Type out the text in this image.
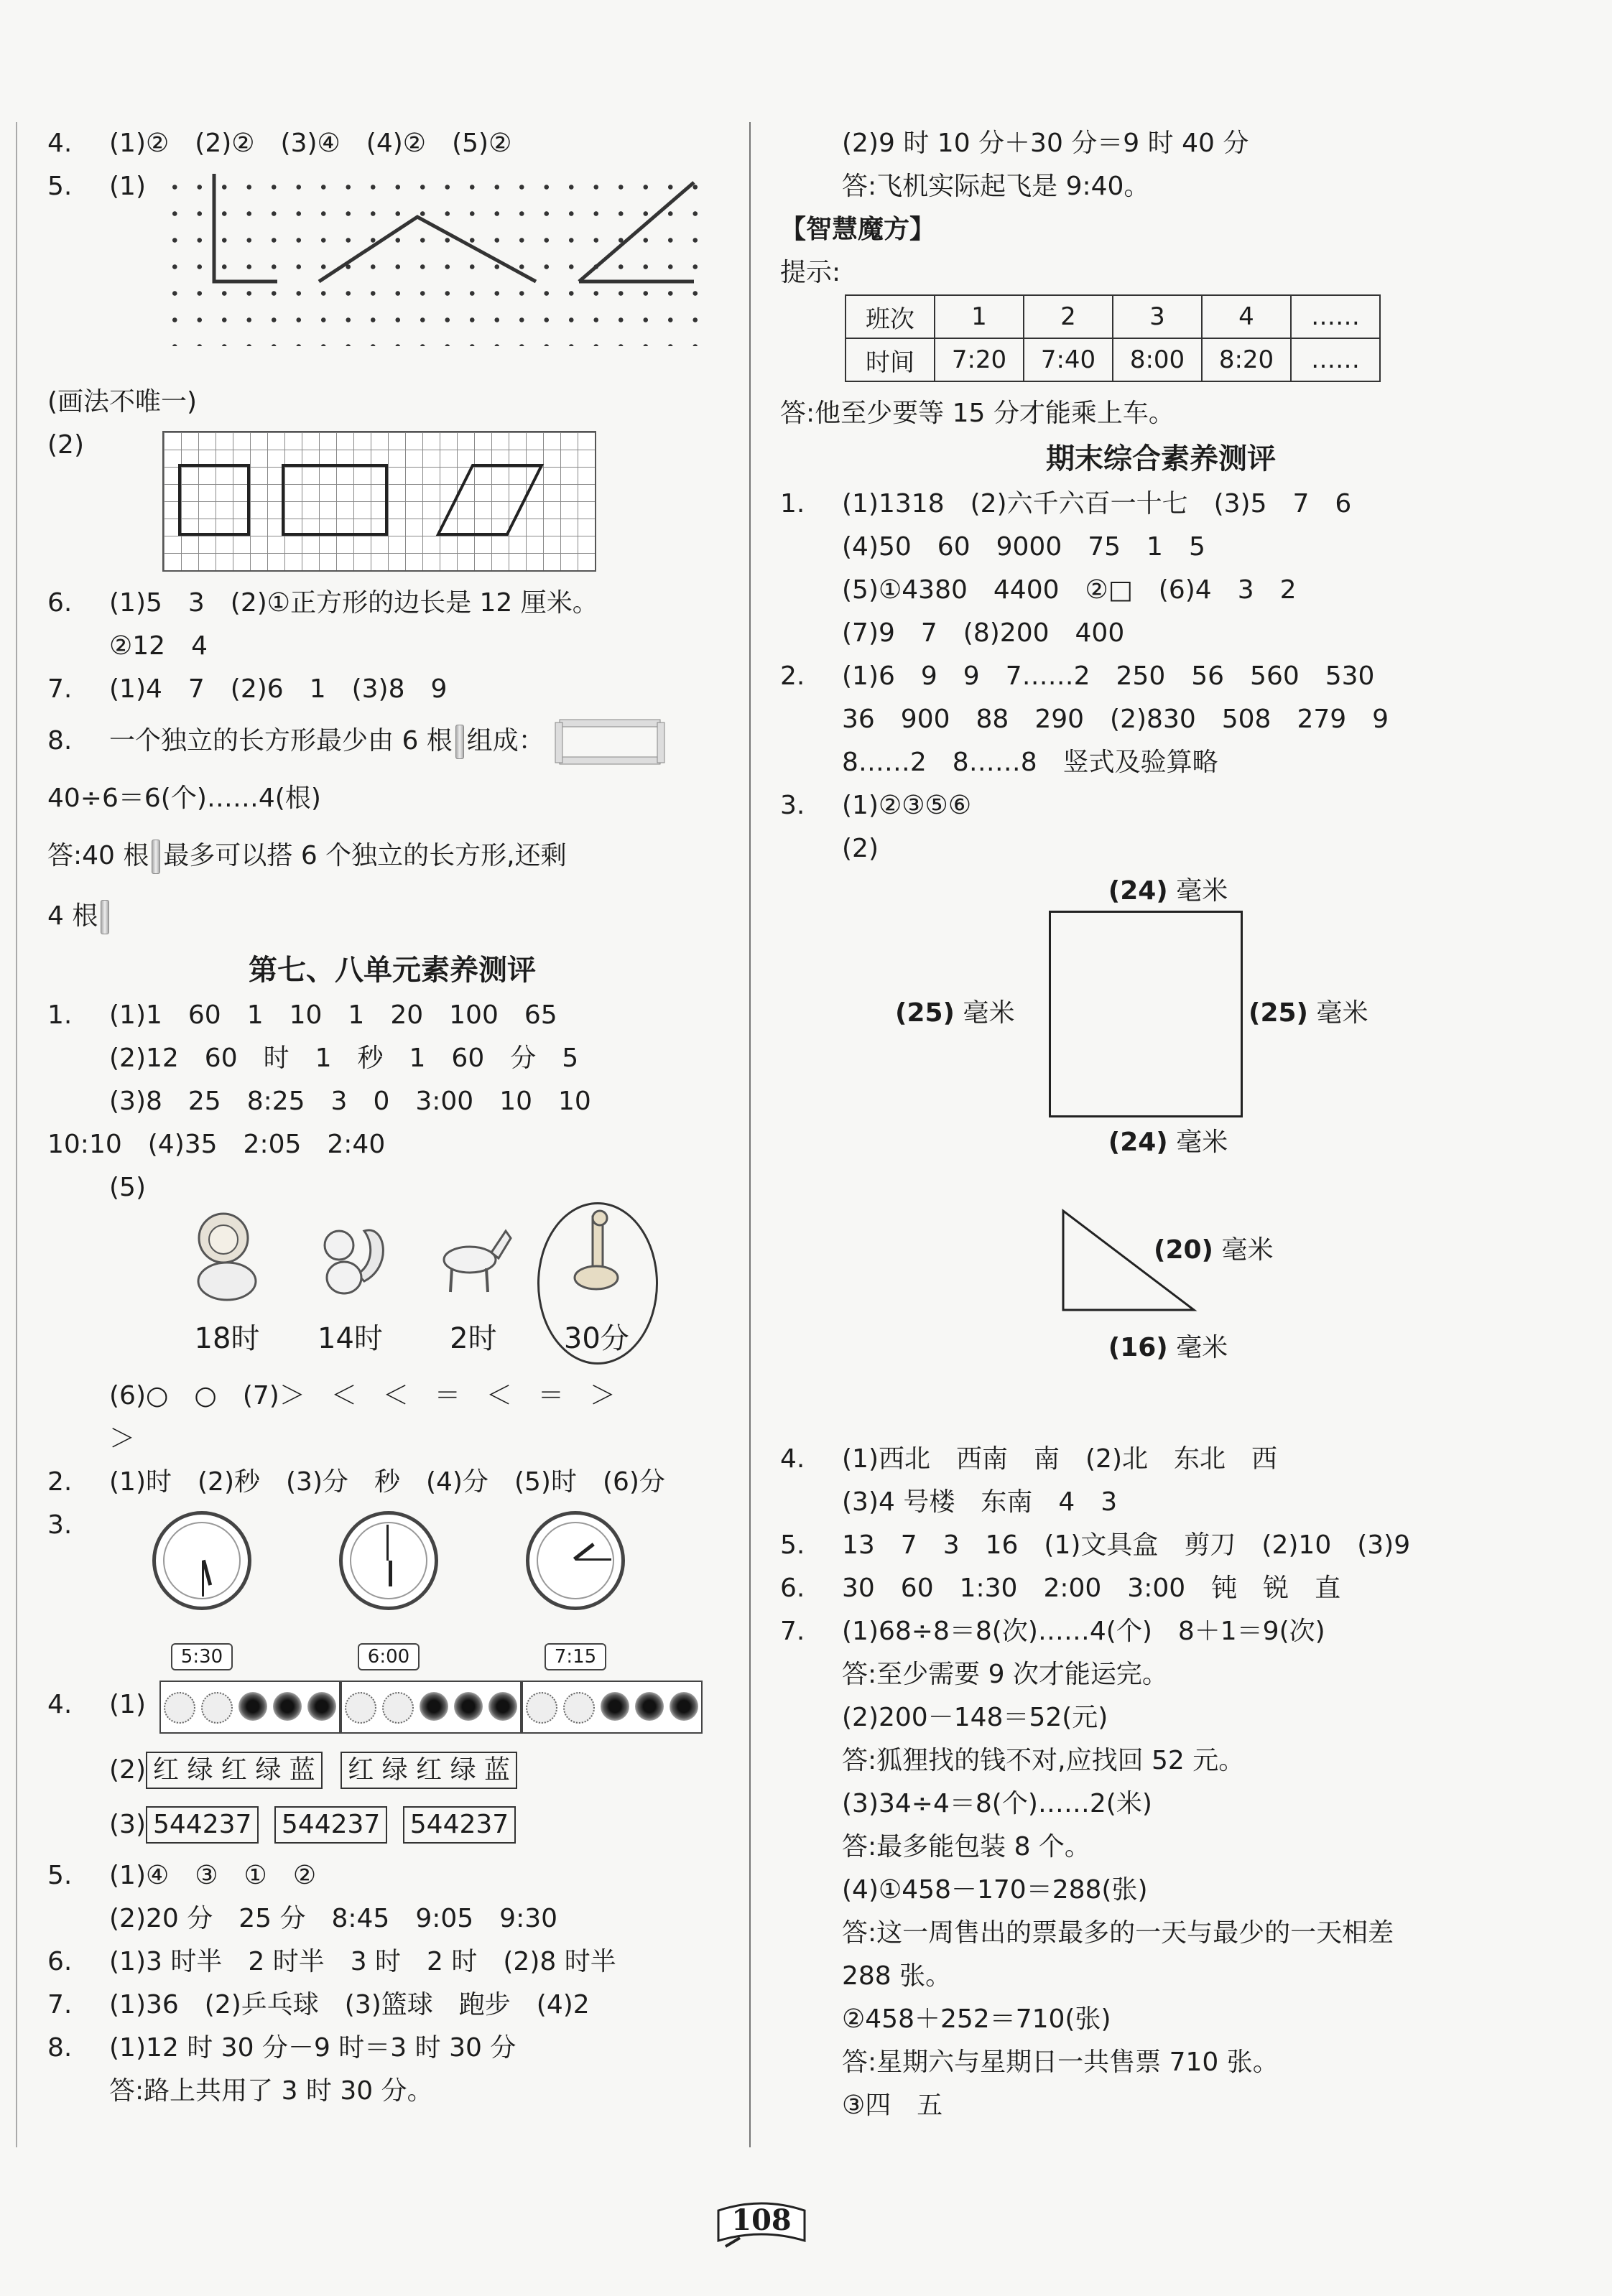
4. (1)②　(2)②　(3)④　(4)②　(5)②
5. (1)
(画法不唯一)
(2)
6. (1)5　3　(2)①正方形的边长是 12 厘米。
②12　4
7. (1)4　7　(2)6　1　(3)8　9
8. 一个独立的长方形最少由 6 根 组成：
40÷6＝6(个)……4(根)
答:40 根 最多可以搭 6 个独立的长方形,还剩
4 根
第七、八单元素养测评
1. (1)1　60　1　10　1　20　100　65
(2)12　60　时　1　秒　1　60　分　5
(3)8　25　8:25　3　0　3:00　10　10
10:10　(4)35　2:05　2:40
(5)
18时
	14时
	2时
	30分
(6)○　○　(7)＞　＜　＜　＝　＜　＝　＞
＞
2. (1)时　(2)秒　(3)分　秒　(4)分　(5)时　(6)分
3.
5:30	6:00	7:15
4. (1)
(2) 红 绿 红 绿 蓝 红 绿 红 绿 蓝
(3) 544237 544237 544237
5. (1)④　③　①　②
(2)20 分　25 分　8:45　9:05　9:30
6. (1)3 时半　2 时半　3 时　2 时　(2)8 时半
7. (1)36　(2)乒乓球　(3)篮球　跑步　(4)2
8. (1)12 时 30 分－9 时＝3 时 30 分
答:路上共用了 3 时 30 分。
(2)9 时 10 分＋30 分＝9 时 40 分
答:飞机实际起飞是 9:40。
【智慧魔方】
提示:
班次	1	2	3	4	……
时间	7:20	7:40	8:00	8:20	……
答:他至少要等 15 分才能乘上车。
期末综合素养测评
1. (1)1318　(2)六千六百一十七　(3)5　7　6
(4)50　60　9000　75　1　5
(5)①4380　4400　②□　(6)4　3　2
(7)9　7　(8)200　400
2. (1)6　9　9　7……2　250　56　560　530
36　900　88　290　(2)830　508　279　9
8……2　8……8　竖式及验算略
3. (1)②③⑤⑥
(2)
(24) 毫米
(25) 毫米	(25) 毫米
(24) 毫米
(20) 毫米
(16) 毫米
4. (1)西北　西南　南　(2)北　东北　西
(3)4 号楼　东南　4　3
5. 13　7　3　16　(1)文具盒　剪刀　(2)10　(3)9
6. 30　60　1:30　2:00　3:00　钝　锐　直
7. (1)68÷8＝8(次)……4(个)　8＋1＝9(次)
答:至少需要 9 次才能运完。
(2)200－148＝52(元)
答:狐狸找的钱不对,应找回 52 元。
(3)34÷4＝8(个)……2(米)
答:最多能包装 8 个。
(4)①458－170＝288(张)
答:这一周售出的票最多的一天与最少的一天相差
288 张。
②458＋252＝710(张)
答:星期六与星期日一共售票 710 张。
③四　五
108
